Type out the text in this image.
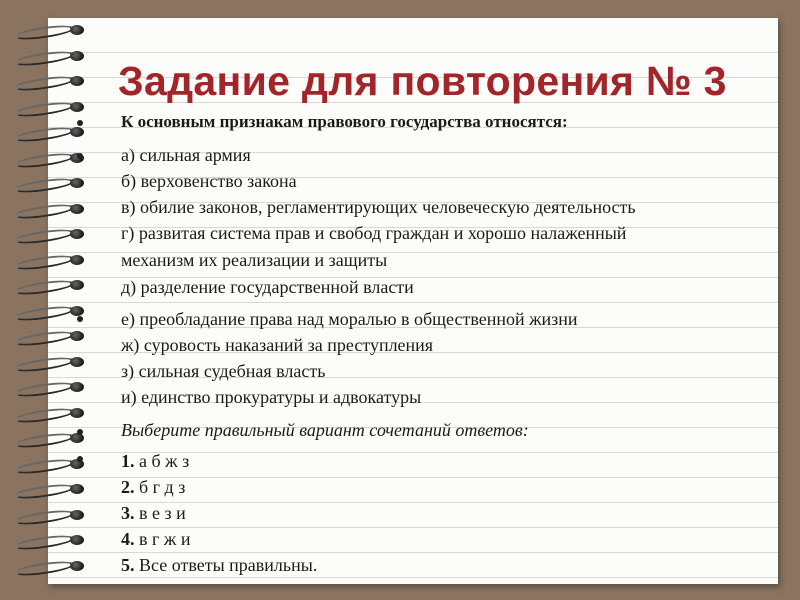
Задание для повторения № 3
К основным признакам правового государства относятся:
а) сильная армия
б) верховенство закона
в) обилие законов, регламентирующих человеческую деятельность
г) развитая система прав и свобод граждан и хорошо налаженный
механизм их реализации и защиты
д) разделение государственной власти
е) преобладание права над моралью в общественной жизни
ж) суровость наказаний за преступления
з) сильная судебная власть
и) единство прокуратуры и адвокатуры
Выберите правильный вариант сочетаний ответов:
1. а б ж з
2. б г д з
3. в е з и
4. в г ж и
5. Все ответы правильны.
